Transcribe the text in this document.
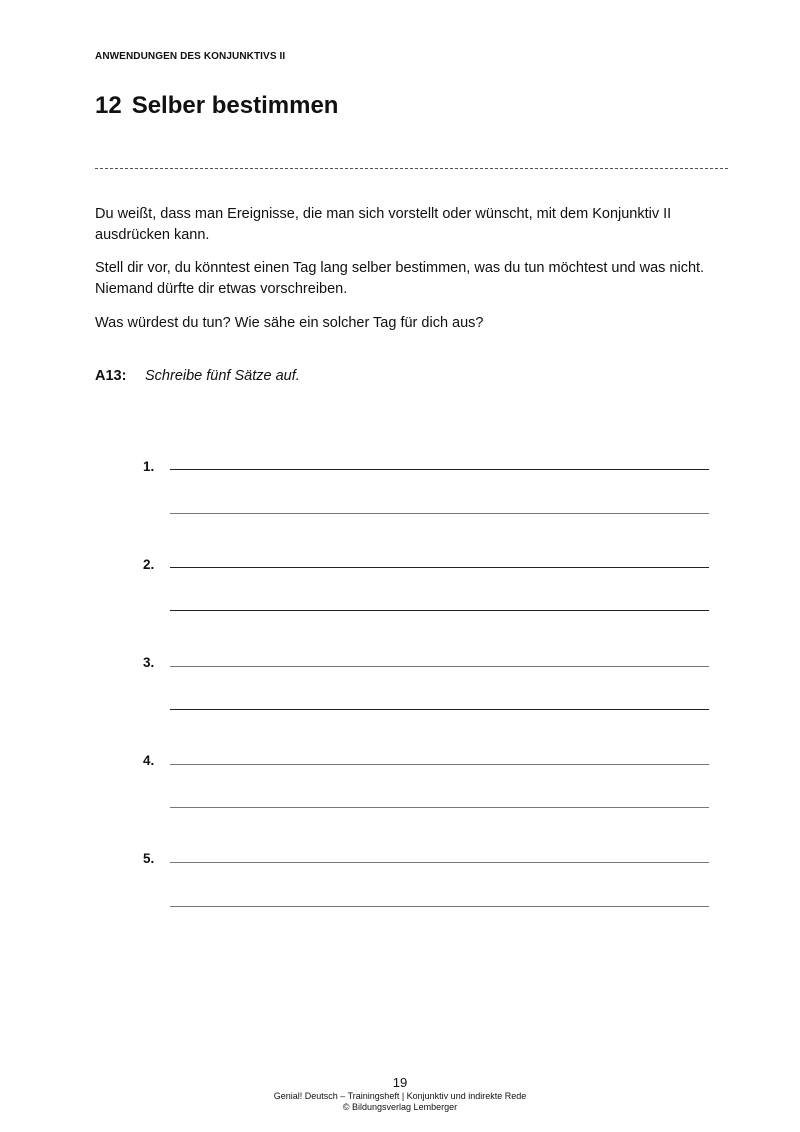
ANWENDUNGEN DES KONJUNKTIVS II
12 Selber bestimmen
Du weißt, dass man Ereignisse, die man sich vorstellt oder wünscht, mit dem Konjunktiv II ausdrücken kann.
Stell dir vor, du könntest einen Tag lang selber bestimmen, was du tun möchtest und was nicht. Niemand dürfte dir etwas vorschreiben.
Was würdest du tun? Wie sähe ein solcher Tag für dich aus?
A13: Schreibe fünf Sätze auf.
1.
2.
3.
4.
5.
19
Genial! Deutsch – Trainingsheft | Konjunktiv und indirekte Rede
© Bildungsverlag Lemberger
